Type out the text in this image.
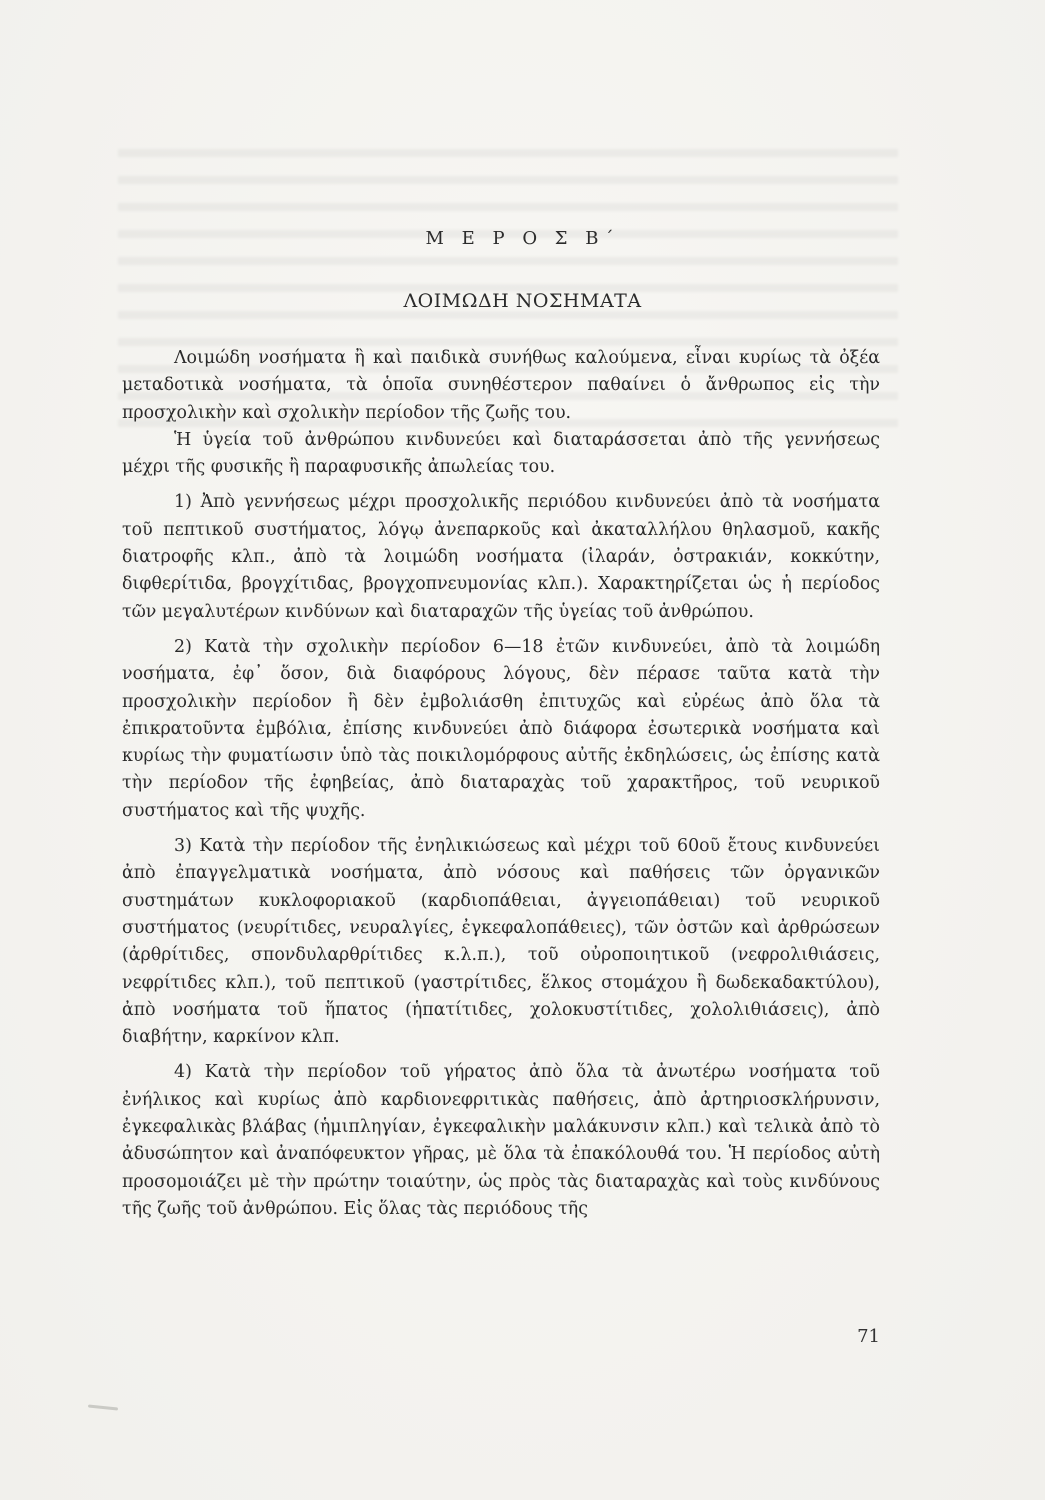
Μ Ε Ρ Ο Σ Β΄
ΛΟΙΜΩΔΗ ΝΟΣΗΜΑΤΑ

Λοιμώδη νοσήματα ἢ καὶ παιδικὰ συνήθως καλούμενα, εἶναι κυρίως τὰ ὀξέα μεταδοτικὰ νοσήματα, τὰ ὁποῖα συνηθέστερον παθαίνει ὁ ἄνθρωπος εἰς τὴν προσχολικὴν καὶ σχολικὴν περίοδον τῆς ζωῆς του.

Ἡ ὑγεία τοῦ ἀνθρώπου κινδυνεύει καὶ διαταράσσεται ἀπὸ τῆς γεννήσεως μέχρι τῆς φυσικῆς ἢ παραφυσικῆς ἀπωλείας του.

1) Ἀπὸ γεννήσεως μέχρι προσχολικῆς περιόδου κινδυνεύει ἀπὸ τὰ νοσήματα τοῦ πεπτικοῦ συστήματος, λόγῳ ἀνεπαρκοῦς καὶ ἀκαταλλήλου θηλασμοῦ, κακῆς διατροφῆς κλπ., ἀπὸ τὰ λοιμώδη νοσήματα (ἰλαράν, ὀστρακιάν, κοκκύτην, διφθερίτιδα, βρογχίτιδας, βρογχοπνευμονίας κλπ.). Χαρακτηρίζεται ὡς ἡ περίοδος τῶν μεγαλυτέρων κινδύνων καὶ διαταραχῶν τῆς ὑγείας τοῦ ἀνθρώπου.

2) Κατὰ τὴν σχολικὴν περίοδον 6—18 ἐτῶν κινδυνεύει, ἀπὸ τὰ λοιμώδη νοσήματα, ἐφ᾽ ὅσον, διὰ διαφόρους λόγους, δὲν πέρασε ταῦτα κατὰ τὴν προσχολικὴν περίοδον ἢ δὲν ἐμβολιάσθη ἐπιτυχῶς καὶ εὐρέως ἀπὸ ὅλα τὰ ἐπικρατοῦντα ἐμβόλια, ἐπίσης κινδυνεύει ἀπὸ διάφορα ἐσωτερικὰ νοσήματα καὶ κυρίως τὴν φυματίωσιν ὑπὸ τὰς ποικιλομόρφους αὐτῆς ἐκδηλώσεις, ὡς ἐπίσης κατὰ τὴν περίοδον τῆς ἐφηβείας, ἀπὸ διαταραχὰς τοῦ χαρακτῆρος, τοῦ νευρικοῦ συστήματος καὶ τῆς ψυχῆς.

3) Κατὰ τὴν περίοδον τῆς ἐνηλικιώσεως καὶ μέχρι τοῦ 60οῦ ἔτους κινδυνεύει ἀπὸ ἐπαγγελματικὰ νοσήματα, ἀπὸ νόσους καὶ παθήσεις τῶν ὀργανικῶν συστημάτων κυκλοφοριακοῦ (καρδιοπάθειαι, ἀγγειοπάθειαι) τοῦ νευρικοῦ συστήματος (νευρίτιδες, νευραλγίες, ἐγκεφαλοπάθειες), τῶν ὀστῶν καὶ ἀρθρώσεων (ἀρθρίτιδες, σπονδυλαρθρίτιδες κ.λ.π.), τοῦ οὐροποιητικοῦ (νεφρολιθιάσεις, νεφρίτιδες κλπ.), τοῦ πεπτικοῦ (γαστρίτιδες, ἕλκος στομάχου ἢ δωδεκαδακτύλου), ἀπὸ νοσήματα τοῦ ἥπατος (ἡπατίτιδες, χολοκυστίτιδες, χολολιθιάσεις), ἀπὸ διαβήτην, καρκίνον κλπ.

4) Κατὰ τὴν περίοδον τοῦ γήρατος ἀπὸ ὅλα τὰ ἀνωτέρω νοσήματα τοῦ ἐνήλικος καὶ κυρίως ἀπὸ καρδιονεφριτικὰς παθήσεις, ἀπὸ ἀρτηριοσκλήρυνσιν, ἐγκεφαλικὰς βλάβας (ἡμιπληγίαν, ἐγκεφαλικὴν μαλάκυνσιν κλπ.) καὶ τελικὰ ἀπὸ τὸ ἀδυσώπητον καὶ ἀναπόφευκτον γῆρας, μὲ ὅλα τὰ ἐπακόλουθά του. Ἡ περίοδος αὐτὴ προσομοιάζει μὲ τὴν πρώτην τοιαύτην, ὡς πρὸς τὰς διαταραχὰς καὶ τοὺς κινδύνους τῆς ζωῆς τοῦ ἀνθρώπου. Εἰς ὅλας τὰς περιόδους τῆς

71
